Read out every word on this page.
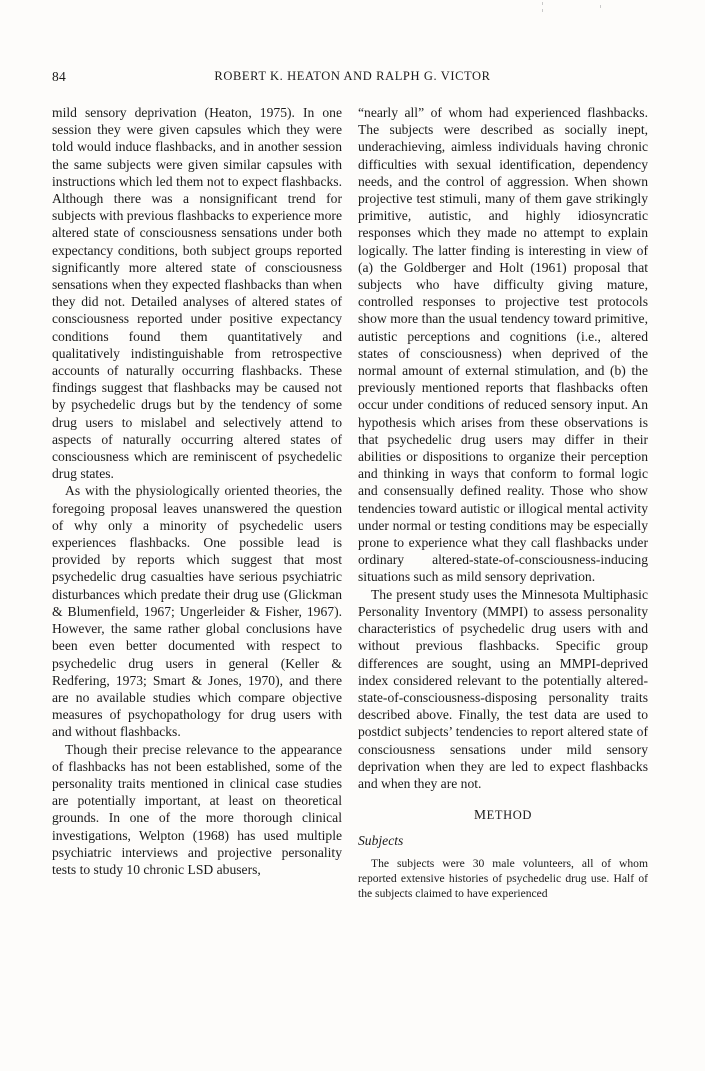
84	ROBERT K. HEATON AND RALPH G. VICTOR

mild sensory deprivation (Heaton, 1975). In one session they were given capsules which they were told would induce flashbacks, and in another session the same subjects were given similar capsules with instructions which led them not to expect flashbacks. Although there was a nonsignificant trend for subjects with previous flashbacks to experience more altered state of consciousness sensations under both expectancy conditions, both subject groups reported significantly more altered state of consciousness sensations when they expected flashbacks than when they did not. Detailed analyses of altered states of consciousness reported under positive expectancy conditions found them quantitatively and qualitatively indistinguishable from retrospective accounts of naturally occurring flashbacks. These findings suggest that flashbacks may be caused not by psychedelic drugs but by the tendency of some drug users to mislabel and selectively attend to aspects of naturally occurring altered states of consciousness which are reminiscent of psychedelic drug states.

As with the physiologically oriented theories, the foregoing proposal leaves unanswered the question of why only a minority of psychedelic users experiences flashbacks. One possible lead is provided by reports which suggest that most psychedelic drug casualties have serious psychiatric disturbances which predate their drug use (Glickman & Blumenfield, 1967; Ungerleider & Fisher, 1967). However, the same rather global conclusions have been even better documented with respect to psychedelic drug users in general (Keller & Redfering, 1973; Smart & Jones, 1970), and there are no available studies which compare objective measures of psychopathology for drug users with and without flashbacks.

Though their precise relevance to the appearance of flashbacks has not been established, some of the personality traits mentioned in clinical case studies are potentially important, at least on theoretical grounds. In one of the more thorough clinical investigations, Welpton (1968) has used multiple psychiatric interviews and projective personality tests to study 10 chronic LSD abusers,

“nearly all” of whom had experienced flashbacks. The subjects were described as socially inept, underachieving, aimless individuals having chronic difficulties with sexual identification, dependency needs, and the control of aggression. When shown projective test stimuli, many of them gave strikingly primitive, autistic, and highly idiosyncratic responses which they made no attempt to explain logically. The latter finding is interesting in view of (a) the Goldberger and Holt (1961) proposal that subjects who have difficulty giving mature, controlled responses to projective test protocols show more than the usual tendency toward primitive, autistic perceptions and cognitions (i.e., altered states of consciousness) when deprived of the normal amount of external stimulation, and (b) the previously mentioned reports that flashbacks often occur under conditions of reduced sensory input. An hypothesis which arises from these observations is that psychedelic drug users may differ in their abilities or dispositions to organize their perception and thinking in ways that conform to formal logic and consensually defined reality. Those who show tendencies toward autistic or illogical mental activity under normal or testing conditions may be especially prone to experience what they call flashbacks under ordinary altered-state-of-consciousness-inducing situations such as mild sensory deprivation.

The present study uses the Minnesota Multiphasic Personality Inventory (MMPI) to assess personality characteristics of psychedelic drug users with and without previous flashbacks. Specific group differences are sought, using an MMPI-deprived index considered relevant to the potentially altered-state-of-consciousness-disposing personality traits described above. Finally, the test data are used to postdict subjects’ tendencies to report altered state of consciousness sensations under mild sensory deprivation when they are led to expect flashbacks and when they are not.

METHOD
Subjects

The subjects were 30 male volunteers, all of whom reported extensive histories of psychedelic drug use. Half of the subjects claimed to have experienced
